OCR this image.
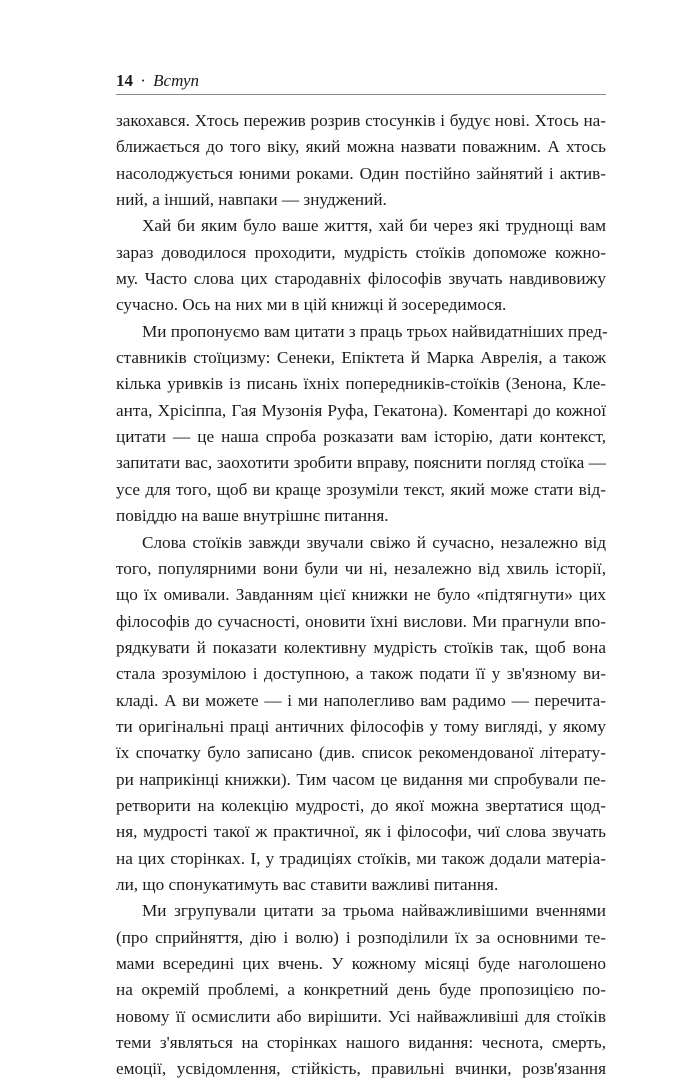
14 · Вступ
закохався. Хтось пережив розрив стосунків і будує нові. Хтось на-
ближається до того віку, який можна назвати поважним. А хтось
насолоджується юними роками. Один постійно зайнятий і актив-
ний, а інший, навпаки — знуджений.
Хай би яким було ваше життя, хай би через які труднощі вам
зараз доводилося проходити, мудрість стоїків допоможе кожно-
му. Часто слова цих стародавніх філософів звучать навдивовижу
сучасно. Ось на них ми в цій книжці й зосередимося.
Ми пропонуємо вам цитати з праць трьох найвидатніших пред-
ставників стоїцизму: Сенеки, Епіктета й Марка Аврелія, а також
кілька уривків із писань їхніх попередників-стоїків (Зенона, Кле-
анта, Хрісіппа, Гая Музонія Руфа, Гекатона). Коментарі до кожної
цитати — це наша спроба розказати вам історію, дати контекст,
запитати вас, заохотити зробити вправу, пояснити погляд стоїка —
усе для того, щоб ви краще зрозуміли текст, який може стати від-
повіддю на ваше внутрішнє питання.
Слова стоїків завжди звучали свіжо й сучасно, незалежно від
того, популярними вони були чи ні, незалежно від хвиль історії,
що їх омивали. Завданням цієї книжки не було «підтягнути» цих
філософів до сучасності, оновити їхні вислови. Ми прагнули впо-
рядкувати й показати колективну мудрість стоїків так, щоб вона
стала зрозумілою і доступною, а також подати її у зв'язному ви-
кладі. А ви можете — і ми наполегливо вам радимо — перечита-
ти оригінальні праці античних філософів у тому вигляді, у якому
їх спочатку було записано (див. список рекомендованої літерату-
ри наприкінці книжки). Тим часом це видання ми спробували пе-
ретворити на колекцію мудрості, до якої можна звертатися щод-
ня, мудрості такої ж практичної, як і філософи, чиї слова звучать
на цих сторінках. І, у традиціях стоїків, ми також додали матеріа-
ли, що спонукатимуть вас ставити важливі питання.
Ми згрупували цитати за трьома найважливішими вченнями
(про сприйняття, дію і волю) і розподілили їх за основними те-
мами всередині цих вчень. У кожному місяці буде наголошено
на окремій проблемі, а конкретний день буде пропозицією по-
новому її осмислити або вирішити. Усі найважливіші для стоїків
теми з'являться на сторінках нашого видання: чеснота, смерть,
емоції, усвідомлення, стійкість, правильні вчинки, розв'язання
